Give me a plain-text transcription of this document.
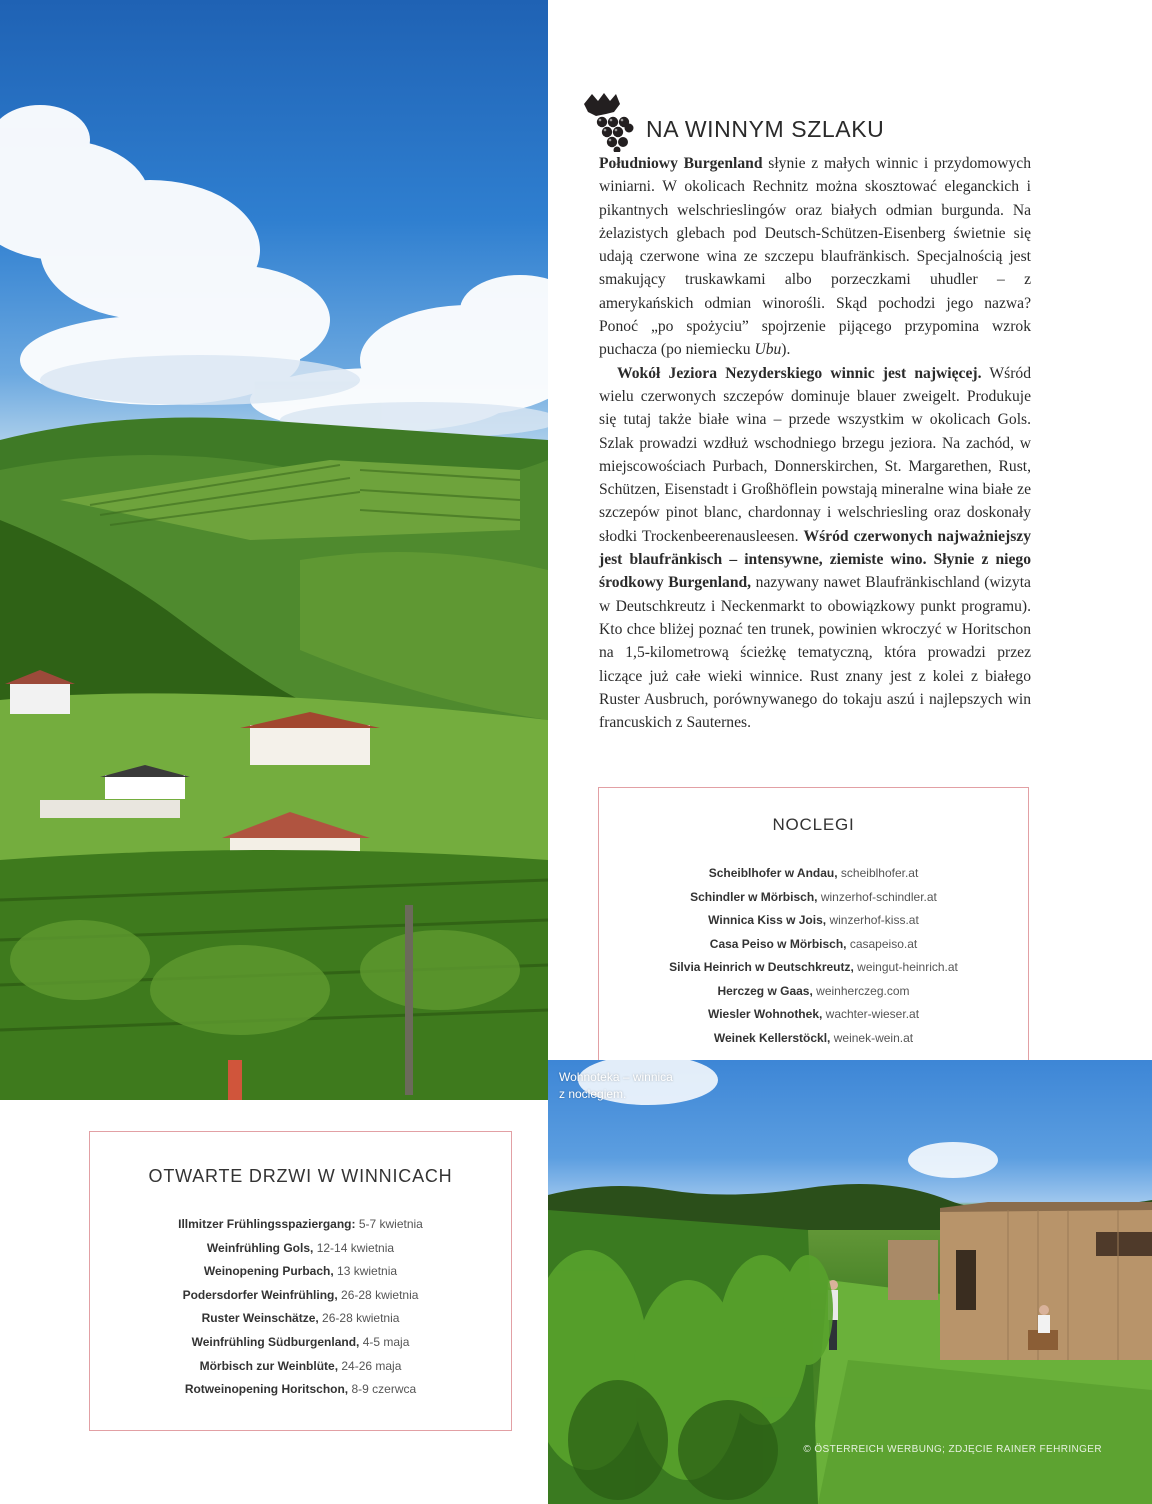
NA WINNYM SZLAKU

Południowy Burgenland słynie z małych winnic i przydomowych winiarni. W okolicach Rechnitz można skosztować eleganckich i pikantnych welschrieslingów oraz białych odmian burgunda. Na żelazistych glebach pod Deutsch-Schützen-Eisenberg świetnie się udają czerwone wina ze szczepu blaufränkisch. Specjalnością jest smakujący truskawkami albo porzeczkami uhudler – z amerykańskich odmian winorośli. Skąd pochodzi jego nazwa? Ponoć „po spożyciu” spojrzenie pijącego przypomina wzrok puchacza (po niemiecku Ubu).

Wokół Jeziora Nezyderskiego winnic jest najwięcej. Wśród wielu czerwonych szczepów dominuje blauer zweigelt. Produkuje się tutaj także białe wina – przede wszystkim w okolicach Gols. Szlak prowadzi wzdłuż wschodniego brzegu jeziora. Na zachód, w miejscowościach Purbach, Donnerskirchen, St. Margarethen, Rust, Schützen, Eisenstadt i Großhöflein powstają mineralne wina białe ze szczepów pinot blanc, chardonnay i welschriesling oraz doskonały słodki Trockenbeerenausleesen. Wśród czerwonych najważniejszy jest blaufränkisch – intensywne, ziemiste wino. Słynie z niego środkowy Burgenland, nazywany nawet Blaufränkischland (wizyta w Deutschkreutz i Neckenmarkt to obowiązkowy punkt programu). Kto chce bliżej poznać ten trunek, powinien wkroczyć w Horitschon na 1,5-kilometrową ścieżkę tematyczną, która prowadzi przez liczące już całe wieki winnice. Rust znany jest z kolei z białego Ruster Ausbruch, porównywanego do tokaju aszú i najlepszych win francuskich z Sauternes.

NOCLEGI
Scheiblhofer w Andau, scheiblhofer.at
Schindler w Mörbisch, winzerhof-schindler.at
Winnica Kiss w Jois, winzerhof-kiss.at
Casa Peiso w Mörbisch, casapeiso.at
Silvia Heinrich w Deutschkreutz, weingut-heinrich.at
Herczeg w Gaas, weinherczeg.com
Wiesler Wohnothek, wachter-wieser.at
Weinek Kellerstöckl, weinek-wein.at
Wohnoteka – winnica
z noclegiem.
© ÖSTERREICH WERBUNG; ZDJĘCIE RAINER FEHRINGER
OTWARTE DRZWI W WINNICACH
Illmitzer Frühlingsspaziergang: 5-7 kwietnia
Weinfrühling Gols, 12-14 kwietnia
Weinopening Purbach, 13 kwietnia
Podersdorfer Weinfrühling, 26-28 kwietnia
Ruster Weinschätze, 26-28 kwietnia
Weinfrühling Südburgenland, 4-5 maja
Mörbisch zur Weinblüte, 24-26 maja
Rotweinopening Horitschon, 8-9 czerwca
